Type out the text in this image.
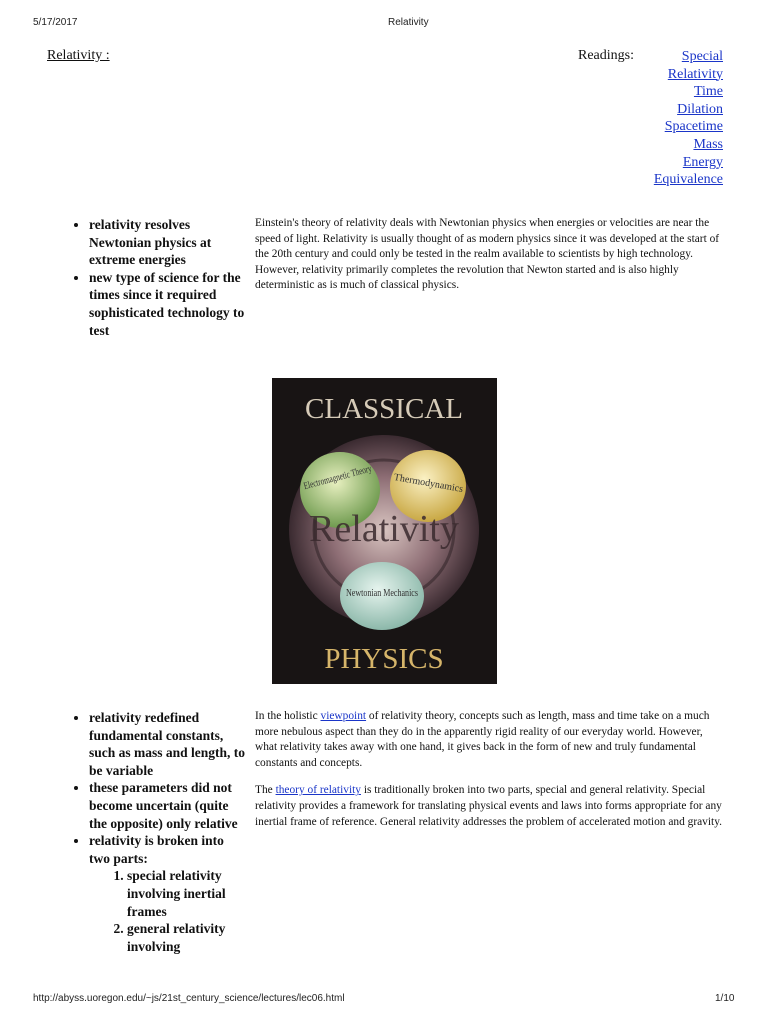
5/17/2017	Relativity
Relativity :	Readings:	Special
Relativity
Time
Dilation
Spacetime
Mass
Energy
Equivalence
• relativity resolves Newtonian physics at extreme energies
• new type of science for the times since it required sophisticated technology to test

Einstein's theory of relativity deals with Newtonian physics when energies or velocities are near the speed of light. Relativity is usually thought of as modern physics since it was developed at the start of the 20th century and could only be tested in the realm available to scientists by high technology. However, relativity primarily completes the revolution that Newton started and is also highly deterministic as is much of classical physics.

CLASSICAL
Electromagnetic Theory
Thermodynamics
Newtonian Mechanics
Relativity
PHYSICS
• relativity redefined fundamental constants, such as mass and length, to be variable
• these parameters did not become uncertain (quite the opposite) only relative
• relativity is broken into two parts:
1. special relativity involving inertial frames
2. general relativity involving

In the holistic viewpoint of relativity theory, concepts such as length, mass and time take on a much more nebulous aspect than they do in the apparently rigid reality of our everyday world. However, what relativity takes away with one hand, it gives back in the form of new and truly fundamental constants and concepts.

The theory of relativity is traditionally broken into two parts, special and general relativity. Special relativity provides a framework for translating physical events and laws into forms appropriate for any inertial frame of reference. General relativity addresses the problem of accelerated motion and gravity.

http://abyss.uoregon.edu/~js/21st_century_science/lectures/lec06.html	1/10
